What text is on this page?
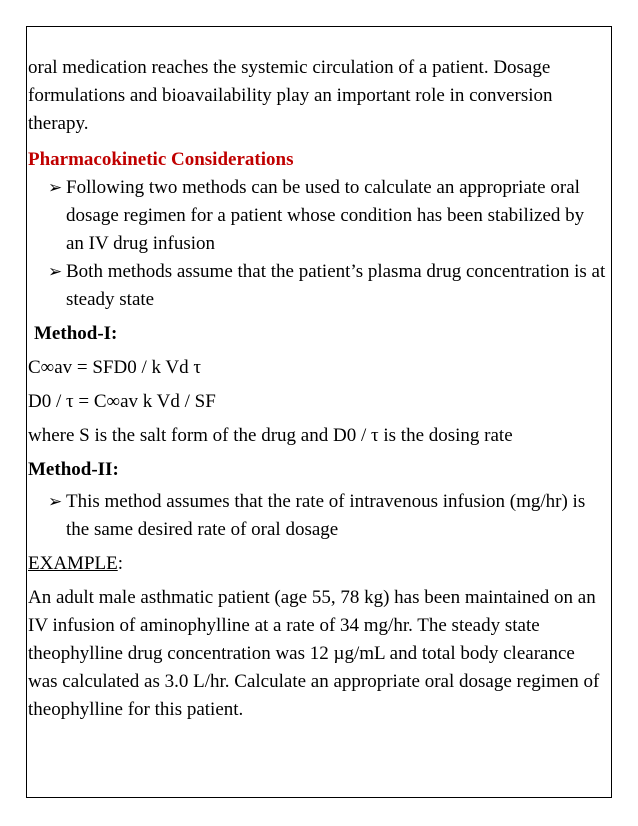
oral medication reaches the systemic circulation of a patient. Dosage formulations and bioavailability play an important role in conversion therapy.

Pharmacokinetic Considerations

➢ Following two methods can be used to calculate an appropriate oral dosage regimen for a patient whose condition has been stabilized by an IV drug infusion
➢ Both methods assume that the patient’s plasma drug concentration is at steady state

Method-I:

C∞av = SFD0 / k Vd τ

D0 / τ = C∞av k Vd / SF

where S is the salt form of the drug and D0 / τ is the dosing rate

Method-II:

➢ This method assumes that the rate of intravenous infusion (mg/hr) is the same desired rate of oral dosage

EXAMPLE:

An adult male asthmatic patient (age 55, 78 kg) has been maintained on an IV infusion of aminophylline at a rate of 34 mg/hr. The steady state theophylline drug concentration was 12 µg/mL and total body clearance was calculated as 3.0 L/hr. Calculate an appropriate oral dosage regimen of theophylline for this patient.
